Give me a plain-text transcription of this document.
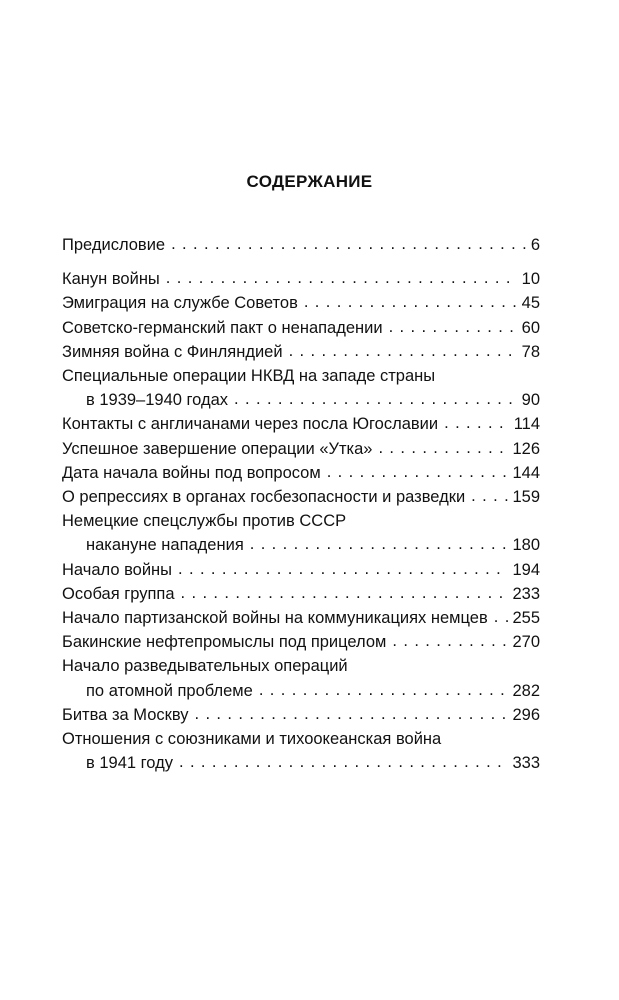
СОДЕРЖАНИЕ
Предисловие . . .	6
Канун войны . . .	10
Эмиграция на службе Советов . . .	45
Советско-германский пакт о ненападении . . .	60
Зимняя война с Финляндией . . .	78
Специальные операции НКВД на западе страны
в 1939–1940 годах . . .	90
Контакты с англичанами через посла Югославии . . .	114
Успешное завершение операции «Утка» . . .	126
Дата начала войны под вопросом . . .	144
О репрессиях в органах госбезопасности и разведки . . .	159
Немецкие спецслужбы против СССР
накануне нападения . . .	180
Начало войны . . .	194
Особая группа . . .	233
Начало партизанской войны на коммуникациях немцев . . . 255
Бакинские нефтепромыслы под прицелом . . .	270
Начало разведывательных операций
по атомной проблеме . . .	282
Битва за Москву . . .	296
Отношения с союзниками и тихоокеанская война
в 1941 году . . .	333
